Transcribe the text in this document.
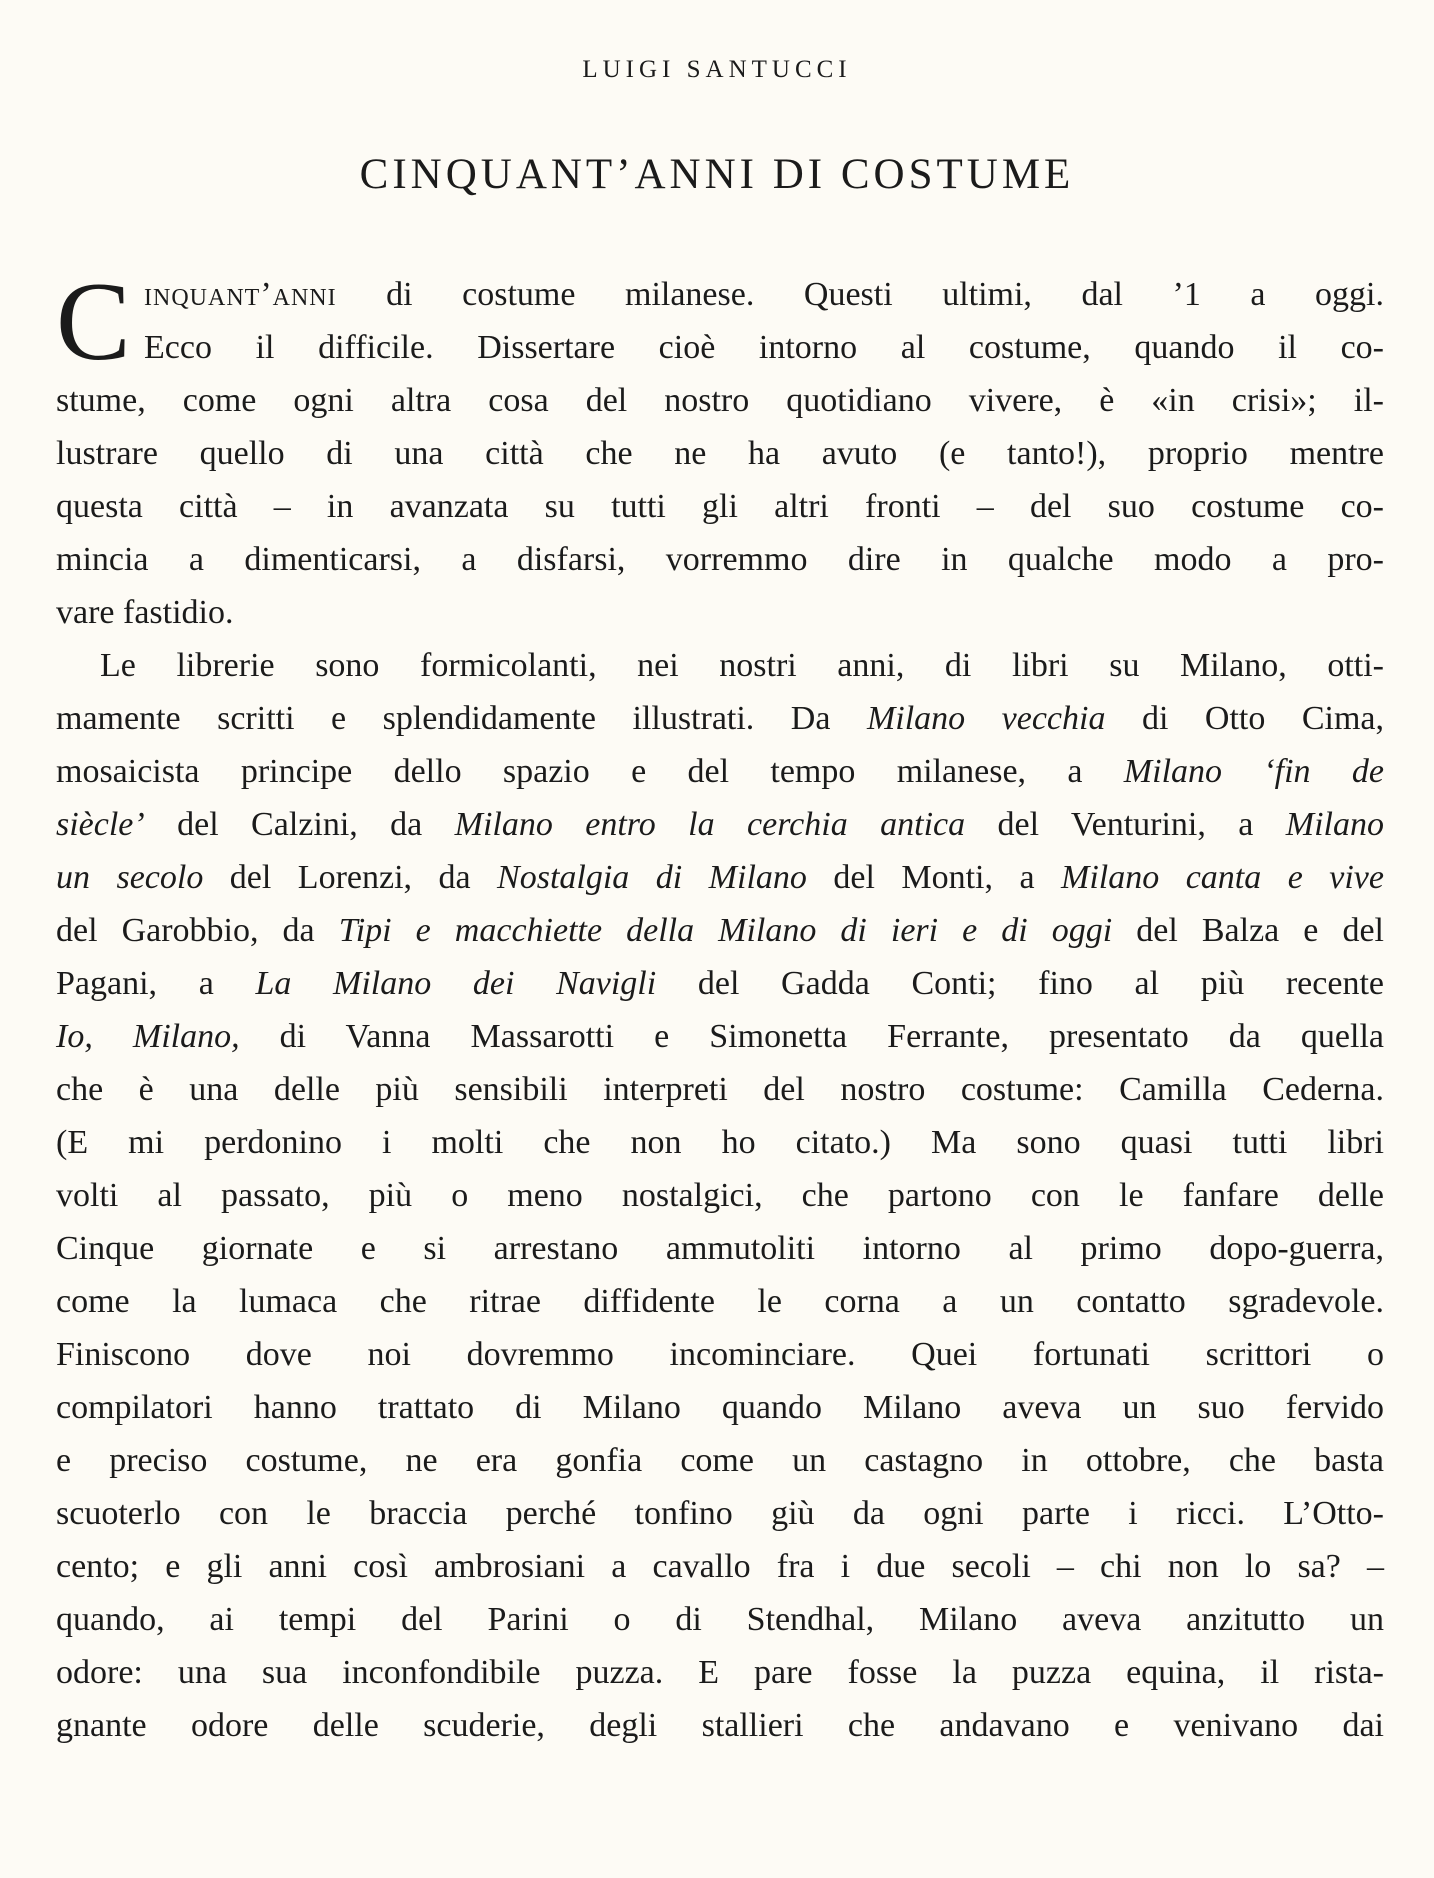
LUIGI SANTUCCI
CINQUANT’ANNI DI COSTUME
C inquant’anni di costume milanese. Questi ultimi, dal ’1 a oggi.
Ecco il difficile. Dissertare cioè intorno al costume, quando il co-
stume, come ogni altra cosa del nostro quotidiano vivere, è «in crisi»; il-
lustrare quello di una città che ne ha avuto (e tanto!), proprio mentre
questa città – in avanzata su tutti gli altri fronti – del suo costume co-
mincia a dimenticarsi, a disfarsi, vorremmo dire in qualche modo a pro-
vare fastidio.
Le librerie sono formicolanti, nei nostri anni, di libri su Milano, otti-
mamente scritti e splendidamente illustrati. Da Milano vecchia di Otto Cima,
mosaicista principe dello spazio e del tempo milanese, a Milano ‘fin de
siècle’ del Calzini, da Milano entro la cerchia antica del Venturini, a Milano
un secolo del Lorenzi, da Nostalgia di Milano del Monti, a Milano canta e vive
del Garobbio, da Tipi e macchiette della Milano di ieri e di oggi del Balza e del
Pagani, a La Milano dei Navigli del Gadda Conti; fino al più recente
Io, Milano, di Vanna Massarotti e Simonetta Ferrante, presentato da quella
che è una delle più sensibili interpreti del nostro costume: Camilla Cederna.
(E mi perdonino i molti che non ho citato.) Ma sono quasi tutti libri
volti al passato, più o meno nostalgici, che partono con le fanfare delle
Cinque giornate e si arrestano ammutoliti intorno al primo dopo-guerra,
come la lumaca che ritrae diffidente le corna a un contatto sgradevole.
Finiscono dove noi dovremmo incominciare. Quei fortunati scrittori o
compilatori hanno trattato di Milano quando Milano aveva un suo fervido
e preciso costume, ne era gonfia come un castagno in ottobre, che basta
scuoterlo con le braccia perché tonfino giù da ogni parte i ricci. L’Otto-
cento; e gli anni così ambrosiani a cavallo fra i due secoli – chi non lo sa? –
quando, ai tempi del Parini o di Stendhal, Milano aveva anzitutto un
odore: una sua inconfondibile puzza. E pare fosse la puzza equina, il rista-
gnante odore delle scuderie, degli stallieri che andavano e venivano dai
